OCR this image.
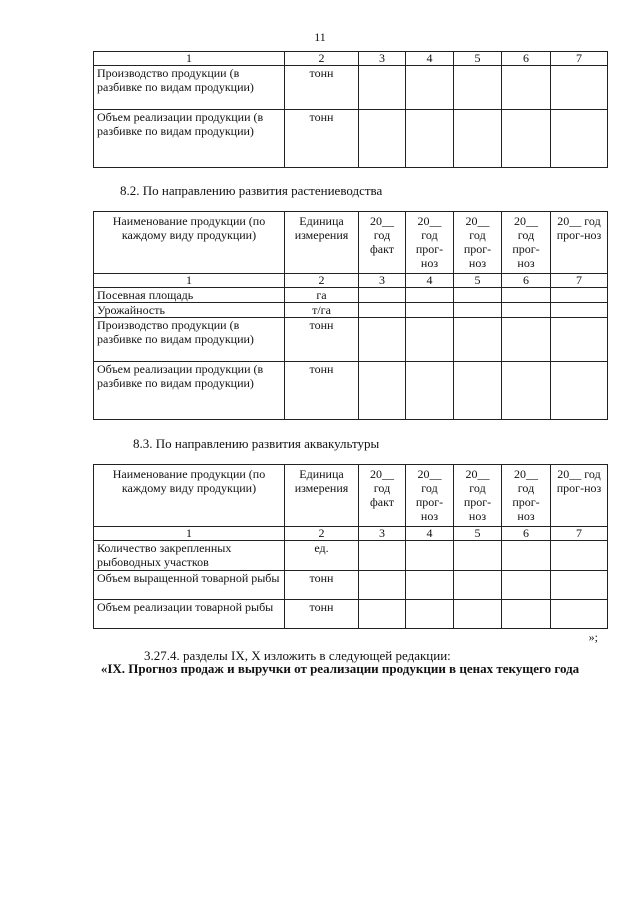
11
1	2	3	4	5	6	7
Производство продукции (в разбивке по видам продукции)	тонн					
Объем реализации продукции (в разбивке по видам продукции)	тонн					
8.2. По направлению развития растениеводства
Наименование продукции (по каждому виду продукции)	Единица измерения	20__ год факт	20__ год прог-ноз	20__ год прог-ноз	20__ год прог-ноз	20__ год прог-ноз
1	2	3	4	5	6	7
Посевная площадь	га					
Урожайность	т/га					
Производство продукции (в разбивке по видам продукции)	тонн					
Объем реализации продукции (в разбивке по видам продукции)	тонн					
8.3. По направлению развития аквакультуры
Наименование продукции (по каждому виду продукции)	Единица измерения	20__ год факт	20__ год прог-ноз	20__ год прог-ноз	20__ год прог-ноз	20__ год прог-ноз
1	2	3	4	5	6	7
Количество закрепленных рыбоводных участков	ед.					
Объем выращенной товарной рыбы	тонн					
Объем реализации товарной рыбы	тонн					
»;
3.27.4. разделы IX, X изложить в следующей редакции:
«IX. Прогноз продаж и выручки от реализации продукции в ценах текущего года
